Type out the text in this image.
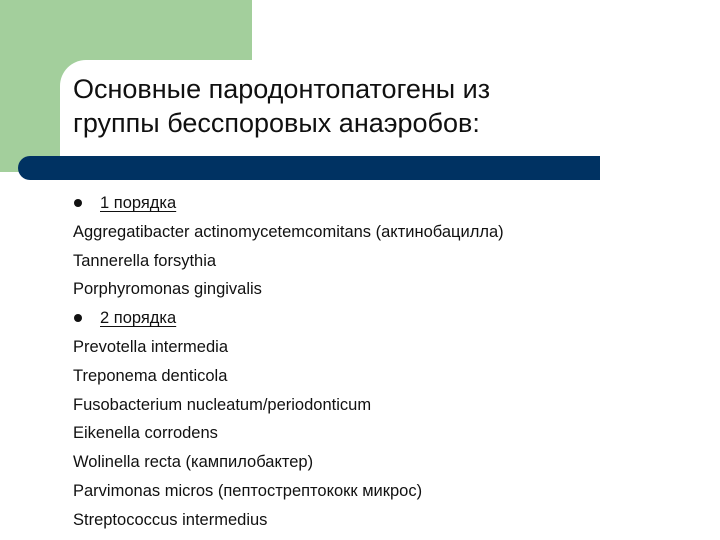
Основные пародонтопатогены из
группы бесспоровых анаэробов:
1 порядка
Aggregatibacter actinomycetemcomitans (актинобацилла)
Tannerella forsythia
Porphyromonas gingivalis
2 порядка
Prevotella intermedia
Treponema denticola
Fusobacterium nucleatum/periodonticum
Eikenella corrodens
Wolinella recta (кампилобактер)
Parvimonas micros (пептострептококк микрос)
Streptococcus intermedius
